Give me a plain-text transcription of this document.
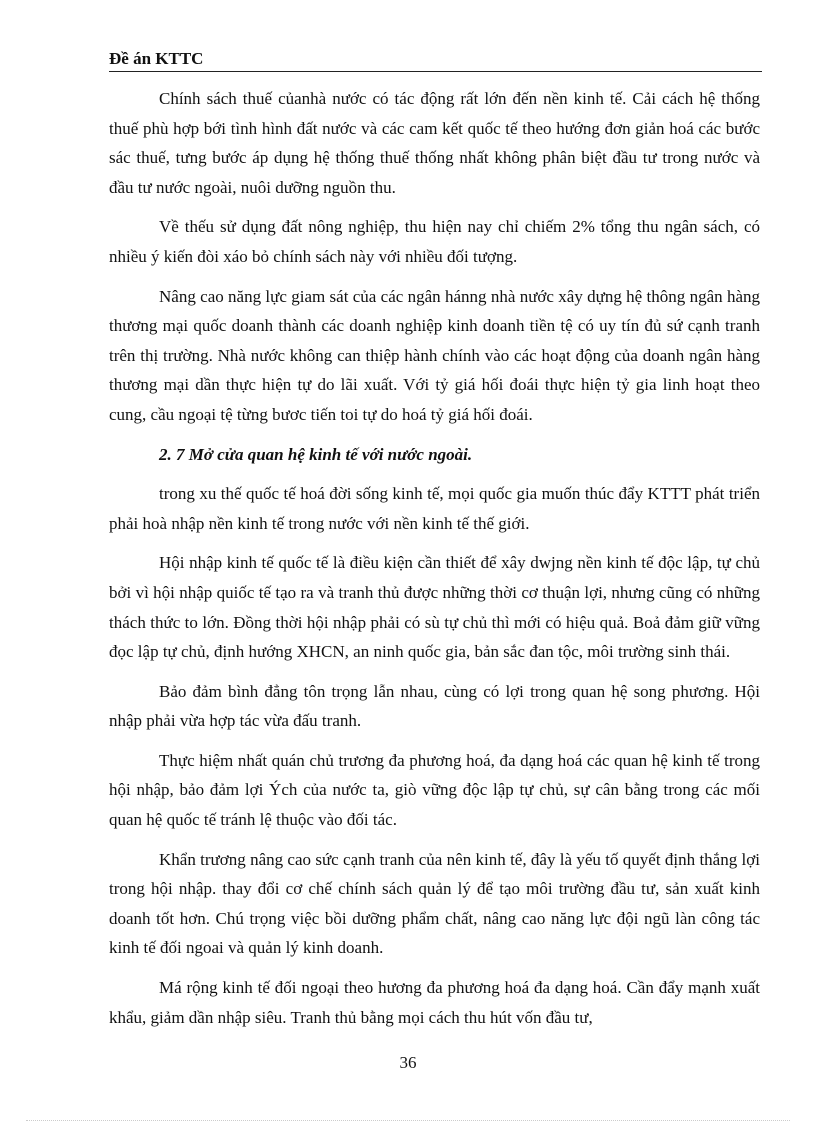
Đề án KTTC

Chính sách thuế củanhà nước có tác động rất lớn đến nền kinh tế. Cải cách hệ thống thuế phù hợp bới tình hình đất nước và các cam kết quốc tế theo hướng đơn giản hoá các bước sác thuế, tưng bước áp dụng hệ thống thuế thống nhất không phân biệt đầu tư trong nước và đầu tư nước ngoài, nuôi dưỡng nguồn thu.

Về thếu sử dụng đất nông nghiệp, thu hiện nay chỉ chiếm 2% tổng thu ngân sách, có nhiều ý kiến đòi xáo bỏ chính sách này với nhiều đối tượng.

Nâng cao năng lực giam sát của các ngân hánng nhà nước xây dựng hệ thông ngân hàng thương mại quốc doanh thành các doanh nghiệp kinh doanh tiền tệ có uy tín đủ sứ cạnh tranh trên thị trường. Nhà nước không can thiệp hành chính vào các hoạt động của doanh ngân hàng thương mại dần thực hiện tự do lãi xuất. Với tỷ giá hối đoái thực hiện tỷ gia linh hoạt theo cung, cầu ngoại tệ từng bươc tiến toi tự do hoá tỷ giá hối đoái.

2. 7 Mở cửa quan hệ kinh tế với nước ngoài.

trong xu thế quốc tế hoá đời sống kinh tế, mọi quốc gia muốn thúc đẩy KTTT phát triển phải hoà nhập nền kinh tế trong nước với nền kinh tế thế giới.

Hội nhập kinh tế quốc tế là điều kiện cần thiết để xây dwjng nền kinh tế độc lập, tự chủ bởi vì hội nhập quiốc tế tạo ra và tranh thủ được những thời cơ thuận lợi, nhưng cũng có những thách thức to lớn. Đồng thời hội nhập phải có sù tự chủ thì mới có hiệu quả. Boả đảm giữ vững đọc lập tự chủ, định hướng XHCN, an ninh quốc gia, bản sắc đan tộc, môi trường sinh thái.

Bảo đảm bình đẳng tôn trọng lẫn nhau, cùng có lợi trong quan hệ song phương. Hội nhập phải vừa hợp tác vừa đấu tranh.

Thực hiệm nhất quán chủ trương đa phương hoá, đa dạng hoá các quan hệ kinh tế trong hội nhập, bảo đảm lợi Ých của nước ta, giò vững độc lập tự chủ, sự cân bằng trong các mối quan hệ quốc tế tránh lệ thuộc vào đối tác.

Khẩn trương nâng cao sức cạnh tranh của nên kinh tế, đây là yếu tố quyết định thắng lợi trong hội nhập. thay đổi cơ chế chính sách quản lý để tạo môi trường đầu tư, sản xuất kinh doanh tốt hơn. Chú trọng việc bồi dưỡng phẩm chất, nâng cao năng lực đội ngũ làn công tác kinh tế đối ngoai và quản lý kinh doanh.

Má rộng kinh tế đối ngoại theo hương đa phương hoá đa dạng hoá. Cần đẩy mạnh xuất khẩu, giảm dần nhập siêu. Tranh thủ bằng mọi cách thu hút vốn đầu tư,

36
